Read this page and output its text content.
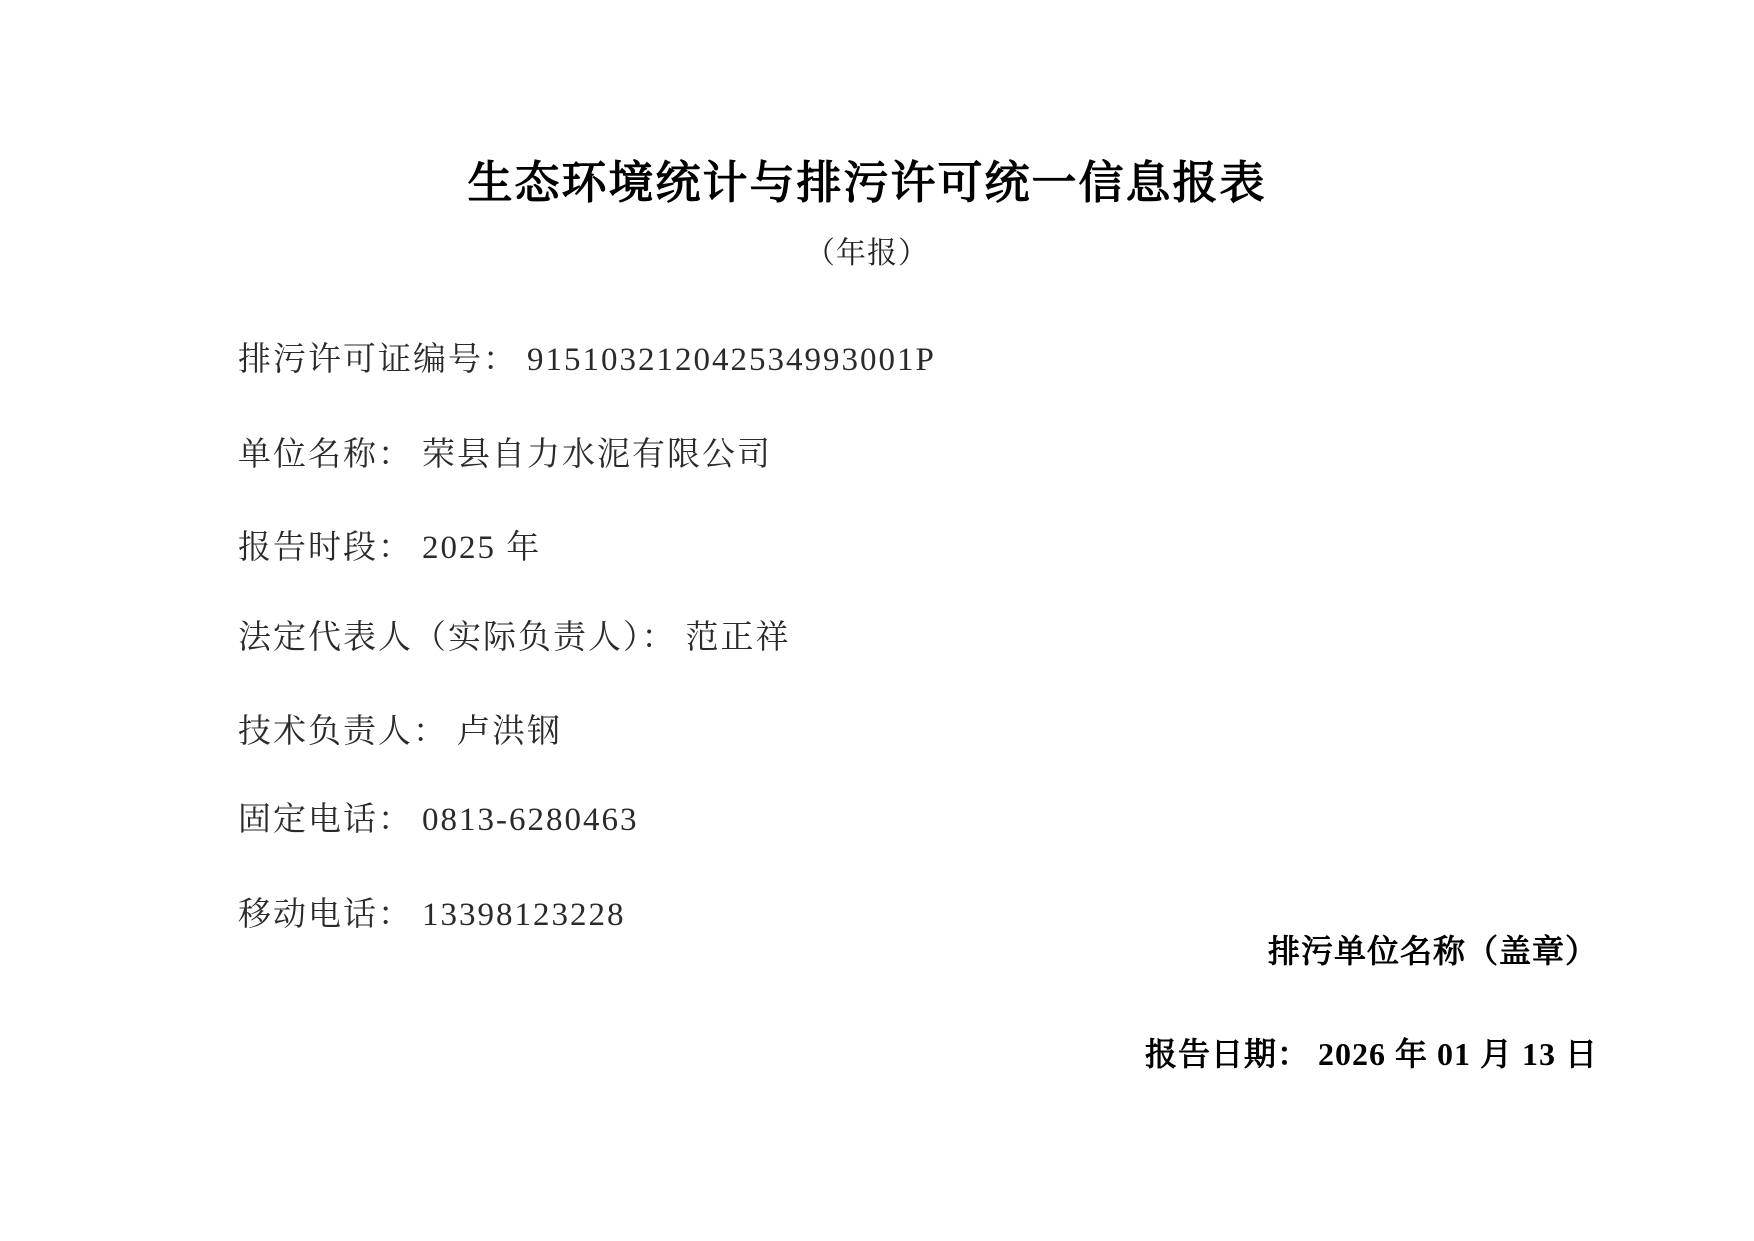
生态环境统计与排污许可统一信息报表
（年报）

排污许可证编号： 915103212042534993001P

单位名称： 荣县自力水泥有限公司

报告时段： 2025 年

法定代表人（实际负责人）： 范正祥

技术负责人： 卢洪钢

固定电话： 0813-6280463

移动电话： 13398123228

排污单位名称（盖章）

报告日期： 2026 年 01 月 13 日
